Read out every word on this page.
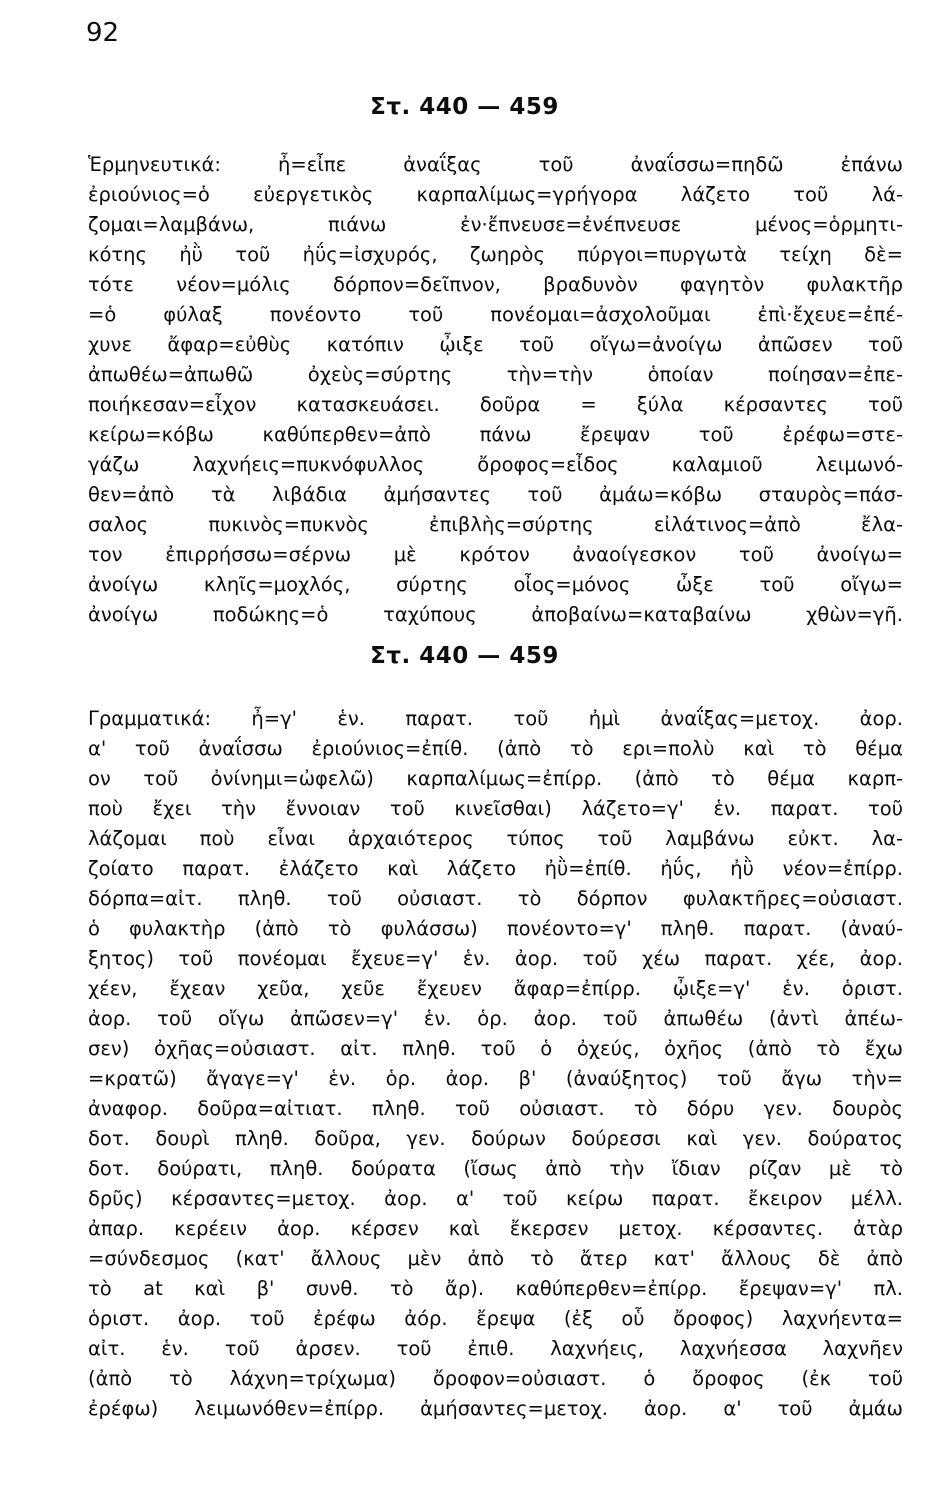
92
Στ. 440 — 459
Ἑρμηνευτικά: ἦ=εἶπε ἀναΐξας τοῦ ἀναΐσσω=πηδῶ ἐπάνω
ἐριούνιος=ὁ εὐεργετικὸς καρπαλίμως=γρήγορα λάζετο τοῦ λά-
ζομαι=λαμβάνω, πιάνω ἐν·ἔπνευσε=ἐνέπνευσε μένος=ὁρμητι-
κότης ἠῢ τοῦ ἠΰς=ἰσχυρός, ζωηρὸς πύργοι=πυργωτὰ τείχη δὲ=
τότε νέον=μόλις δόρπον=δεῖπνον, βραδυνὸν φαγητὸν φυλακτῆρ
=ὁ φύλαξ πονέοντο τοῦ πονέομαι=ἀσχολοῦμαι ἐπὶ·ἔχευε=ἐπέ-
χυνε ἄφαρ=εὐθὺς κατόπιν ᾦιξε τοῦ οἴγω=ἀνοίγω ἀπῶσεν τοῦ
ἀπωθέω=ἀπωθῶ ὀχεὺς=σύρτης τὴν=τὴν ὁποίαν ποίησαν=ἐπε-
ποιήκεσαν=εἶχον κατασκευάσει. δοῦρα = ξύλα κέρσαντες τοῦ
κείρω=κόβω καθύπερθεν=ἀπὸ πάνω ἔρεψαν τοῦ ἐρέφω=στε-
γάζω λαχνήεις=πυκνόφυλλος ὄροφος=εἶδος καλαμιοῦ λειμωνό-
θεν=ἀπὸ τὰ λιβάδια ἀμήσαντες τοῦ ἀμάω=κόβω σταυρὸς=πάσ-
σαλος πυκινὸς=πυκνὸς ἐπιβλὴς=σύρτης εἰλάτινος=ἀπὸ ἔλα-
τον ἐπιρρήσσω=σέρνω μὲ κρότον ἀναοίγεσκον τοῦ ἀνοίγω=
ἀνοίγω κληῖς=μοχλός, σύρτης οἶος=μόνος ὦξε τοῦ οἴγω=
ἀνοίγω ποδώκης=ὁ ταχύπους ἀποβαίνω=καταβαίνω χθὼν=γῆ.
Στ. 440 — 459
Γραμματικά: ἦ=γ' ἑν. παρατ. τοῦ ἠμὶ ἀναΐξας=μετοχ. ἀορ.
α' τοῦ ἀναΐσσω ἐριούνιος=ἐπίθ. (ἀπὸ τὸ ερι=πολὺ καὶ τὸ θέμα
ον τοῦ ὀνίνημι=ὠφελῶ) καρπαλίμως=ἐπίρρ. (ἀπὸ τὸ θέμα καρπ-
ποὺ ἔχει τὴν ἔννοιαν τοῦ κινεῖσθαι) λάζετο=γ' ἑν. παρατ. τοῦ
λάζομαι ποὺ εἶναι ἀρχαιότερος τύπος τοῦ λαμβάνω εὐκτ. λα-
ζοίατο παρατ. ἐλάζετο καὶ λάζετο ἠῢ=ἐπίθ. ἠΰς, ἠῢ νέον=ἐπίρρ.
δόρπα=αἰτ. πληθ. τοῦ οὐσιαστ. τὸ δόρπον φυλακτῆρες=οὐσιαστ.
ὁ φυλακτὴρ (ἀπὸ τὸ φυλάσσω) πονέοντο=γ' πληθ. παρατ. (ἀναύ-
ξητος) τοῦ πονέομαι ἔχευε=γ' ἑν. ἀορ. τοῦ χέω παρατ. χέε, ἀορ.
χέεν, ἔχεαν χεῦα, χεῦε ἔχευεν ἄφαρ=ἐπίρρ. ᾦιξε=γ' ἑν. ὁριστ.
ἀορ. τοῦ οἴγω ἀπῶσεν=γ' ἑν. ὁρ. ἀορ. τοῦ ἀπωθέω (ἀντὶ ἀπέω-
σεν) ὀχῆας=οὐσιαστ. αἰτ. πληθ. τοῦ ὁ ὀχεύς, ὀχῆος (ἀπὸ τὸ ἔχω
=κρατῶ) ἄγαγε=γ' ἑν. ὁρ. ἀορ. β' (ἀναύξητος) τοῦ ἄγω τὴν=
ἀναφορ. δοῦρα=αἰτιατ. πληθ. τοῦ οὐσιαστ. τὸ δόρυ γεν. δουρὸς
δοτ. δουρὶ πληθ. δοῦρα, γεν. δούρων δούρεσσι καὶ γεν. δούρατος
δοτ. δούρατι, πληθ. δούρατα (ἴσως ἀπὸ τὴν ἴδιαν ρίζαν μὲ τὸ
δρῦς) κέρσαντες=μετοχ. ἀορ. α' τοῦ κείρω παρατ. ἔκειρον μέλλ.
ἀπαρ. κερέειν ἀορ. κέρσεν καὶ ἔκερσεν μετοχ. κέρσαντες. ἀτὰρ
=σύνδεσμος (κατ' ἄλλους μὲν ἀπὸ τὸ ἄτερ κατ' ἄλλους δὲ ἀπὸ
τὸ at καὶ β' συνθ. τὸ ἄρ). καθύπερθεν=ἐπίρρ. ἔρεψαν=γ' πλ.
ὁριστ. ἀορ. τοῦ ἐρέφω ἀόρ. ἔρεψα (ἐξ οὗ ὄροφος) λαχνήεντα=
αἰτ. ἑν. τοῦ ἀρσεν. τοῦ ἐπιθ. λαχνήεις, λαχνήεσσα λαχνῆεν
(ἀπὸ τὸ λάχνη=τρίχωμα) ὄροφον=οὐσιαστ. ὁ ὄροφος (ἐκ τοῦ
ἐρέφω) λειμωνόθεν=ἐπίρρ. ἀμήσαντες=μετοχ. ἀορ. α' τοῦ ἀμάω
